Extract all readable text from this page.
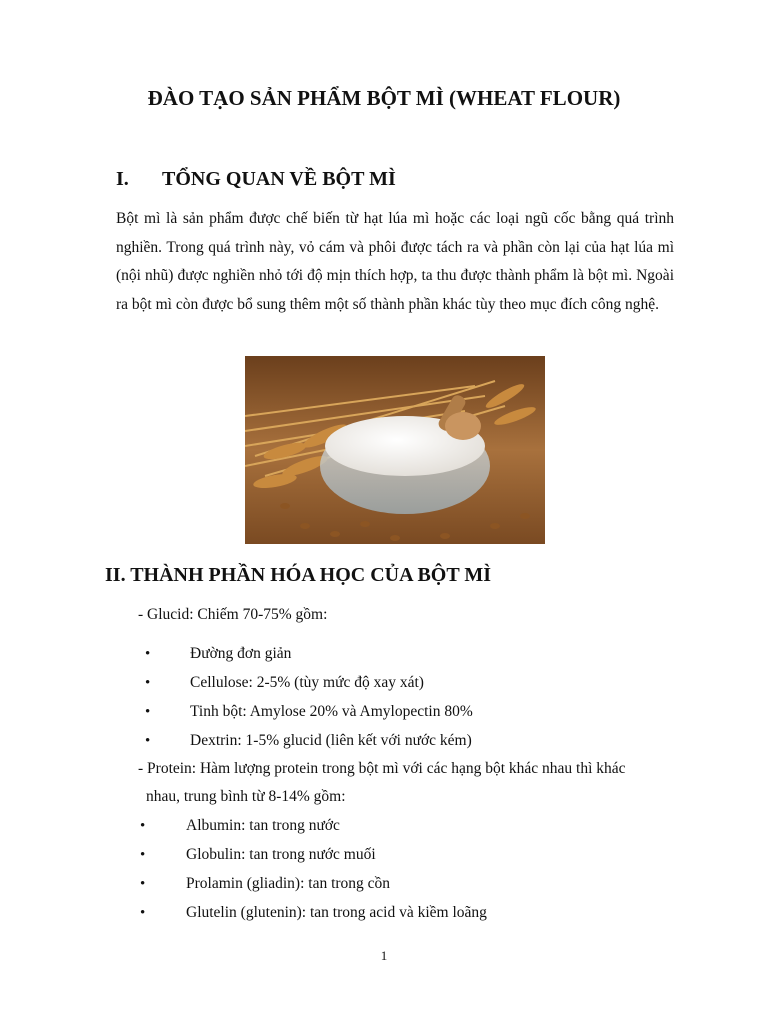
ĐÀO TẠO SẢN PHẨM BỘT MÌ (WHEAT FLOUR)
I. TỔNG QUAN VỀ BỘT MÌ

Bột mì là sản phẩm được chế biến từ hạt lúa mì hoặc các loại ngũ cốc bằng quá trình nghiền. Trong quá trình này, vỏ cám và phôi được tách ra và phần còn lại của hạt lúa mì (nội nhũ) được nghiền nhỏ tới độ mịn thích hợp, ta thu được thành phẩm là bột mì. Ngoài ra bột mì còn được bổ sung thêm một số thành phần khác tùy theo mục đích công nghệ.

II. THÀNH PHẦN HÓA HỌC CỦA BỘT MÌ
- Glucid: Chiếm 70-75% gồm:
•	Đường đơn giản
•	Cellulose: 2-5% (tùy mức độ xay xát)
•	Tinh bột: Amylose 20% và Amylopectin 80%
•	Dextrin: 1-5% glucid (liên kết với nước kém)
- Protein: Hàm lượng protein trong bột mì với các hạng bột khác nhau thì khác
nhau, trung bình từ 8-14% gồm:
•	Albumin: tan trong nước
•	Globulin: tan trong nước muối
•	Prolamin (gliadin): tan trong cồn
•	Glutelin (glutenin): tan trong acid và kiềm loãng
1
